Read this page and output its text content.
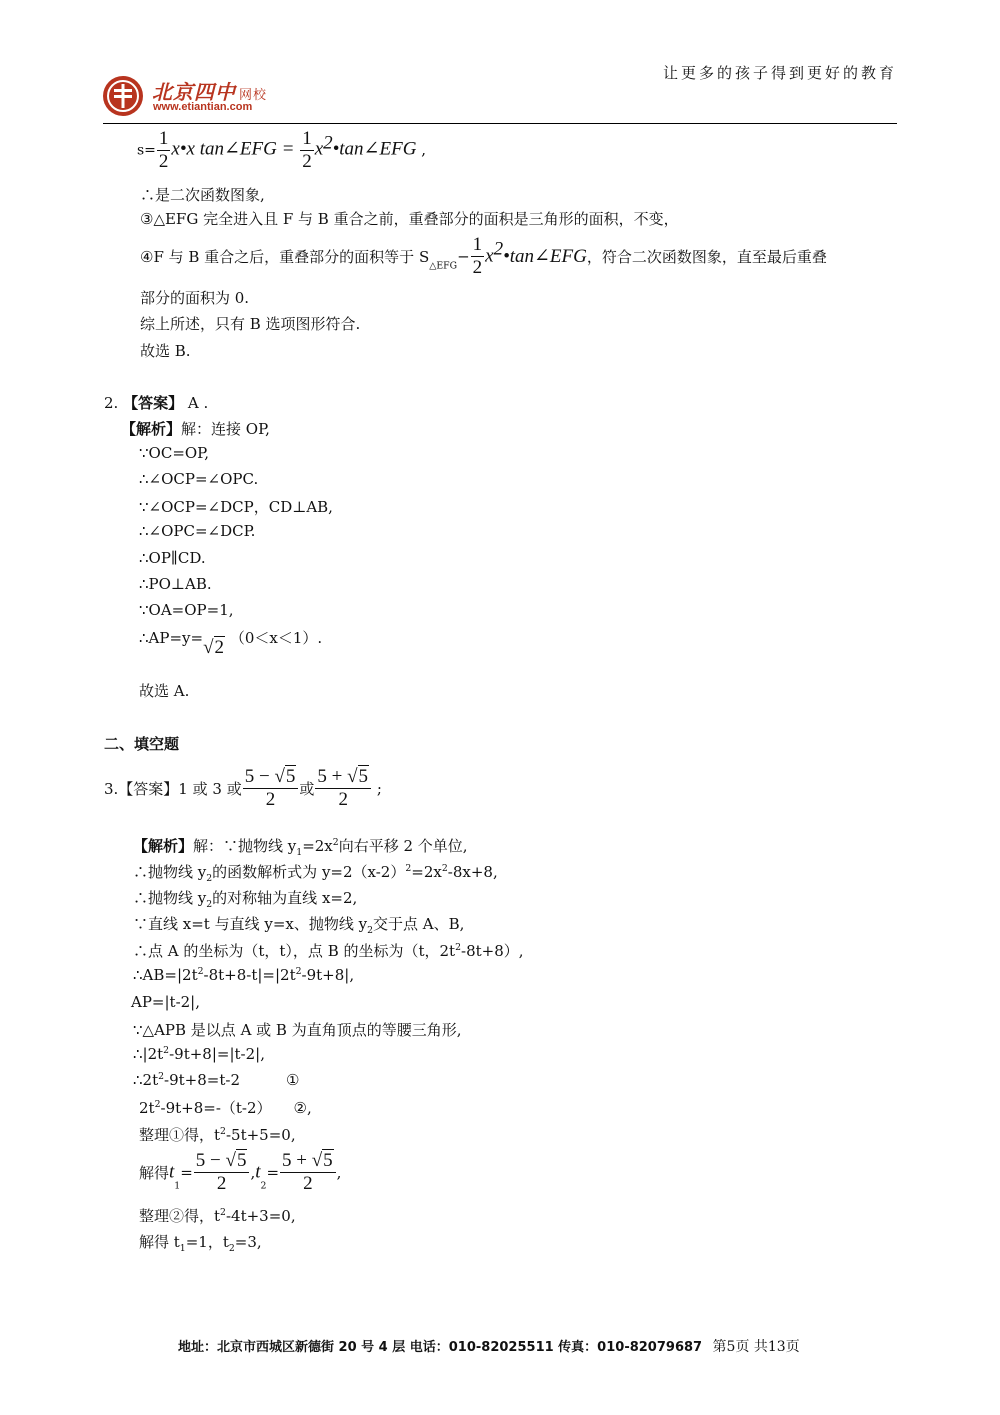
北京四中 网校
www.etiantian.com
让更多的孩子得到更好的教育
$s= \frac{1}{2}$ x•x tan∠EFG = $\frac{1}{2}$ $x^2•\tan\angle EFG$ ,
∴是二次函数图象,
③△EFG 完全进入且 F 与 B 重合之前，重叠部分的面积是三角形的面积，不变，
④F 与 B 重合之后，重叠部分的面积等于 $S_{\triangle EFG}- \frac{1}{2}$ $x^2•\tan\angle EFG$，符合二次函数图象，直至最后重叠
部分的面积为 0.
综上所述，只有 B 选项图形符合.
故选 B.
2. 【答案】 A .
【解析】解：连接 OP,
∵OC=OP,
∴∠OCP=∠OPC.
∵∠OCP=∠DCP，CD⊥AB,
∴∠OPC=∠DCP.
∴OP∥CD.
∴PO⊥AB.
∵OA=OP=1,
∴AP=y=√2 （0＜x＜1）.
故选 A.
二、填空题
3.【答案】1 或 3 或 $\frac{5 - √5}{2}$ 或 $\frac{5 + √5}{2}$ ;
【解析】解：∵抛物线 $y_1=2x^2$向右平移 2 个单位,
∴抛物线 $y_2$的函数解析式为 $y=2(x-2)^2=2x^2-8x+8$,
∴抛物线 $y_2$的对称轴为直线 x=2,
∵直线 x=t 与直线 y=x、抛物线 $y_2$交于点 A、B,
∴点 A 的坐标为（t，t），点 B 的坐标为（t，$2t^2-8t+8$）,
$\therefore AB=|2t^2-8t+8-t|=|2t^2-9t+8|$,
AP=|t-2|,
∵△APB 是以点 A 或 B 为直角顶点的等腰三角形,
$\therefore|2t^2-9t+8|=|t-2|$,
$\therefore 2t^2-9t+8=t-2$	①
$2t^2-9t+8=-(t-2)$ ②,
整理①得，$t^2-5t+5=0$,
解得$t_1= \frac{5 - √5}{2} ,t_2= \frac{5 + √5}{2}$ ,
整理②得，$t^2-4t+3=0$,
解得 $t_1=1$，$t_2=3$,
地址：北京市西城区新德街 20 号 4 层 电话：010-82025511 传真：010-82079687 第5页 共13页
